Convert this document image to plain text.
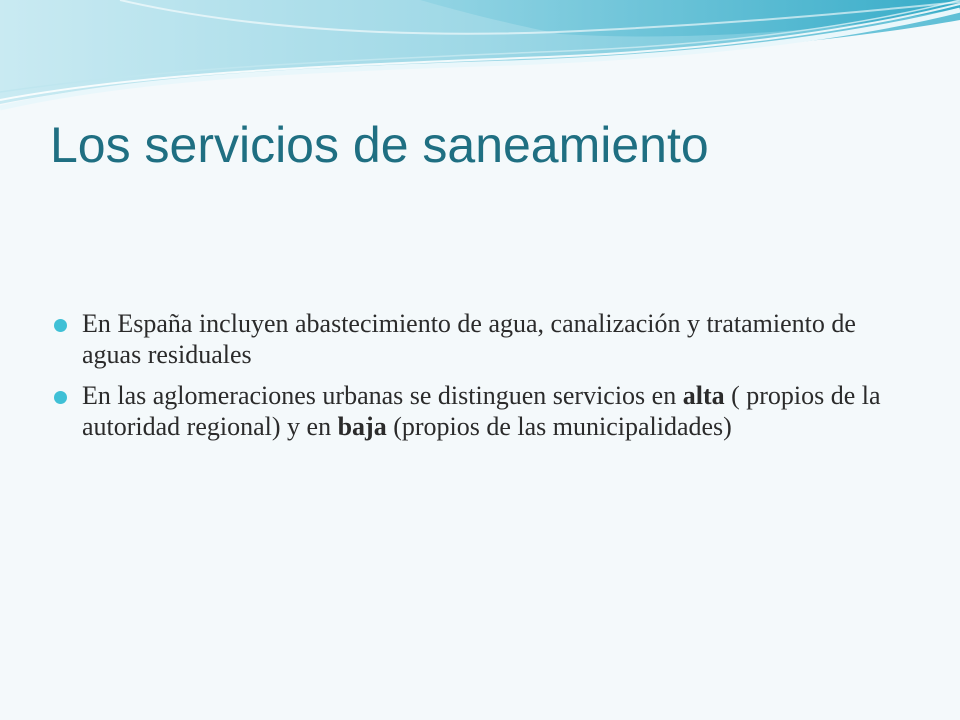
Los servicios de saneamiento
En España incluyen abastecimiento de agua, canalización y tratamiento de aguas residuales
En las aglomeraciones urbanas se distinguen servicios en alta ( propios de la autoridad regional) y en baja (propios de las municipalidades)
